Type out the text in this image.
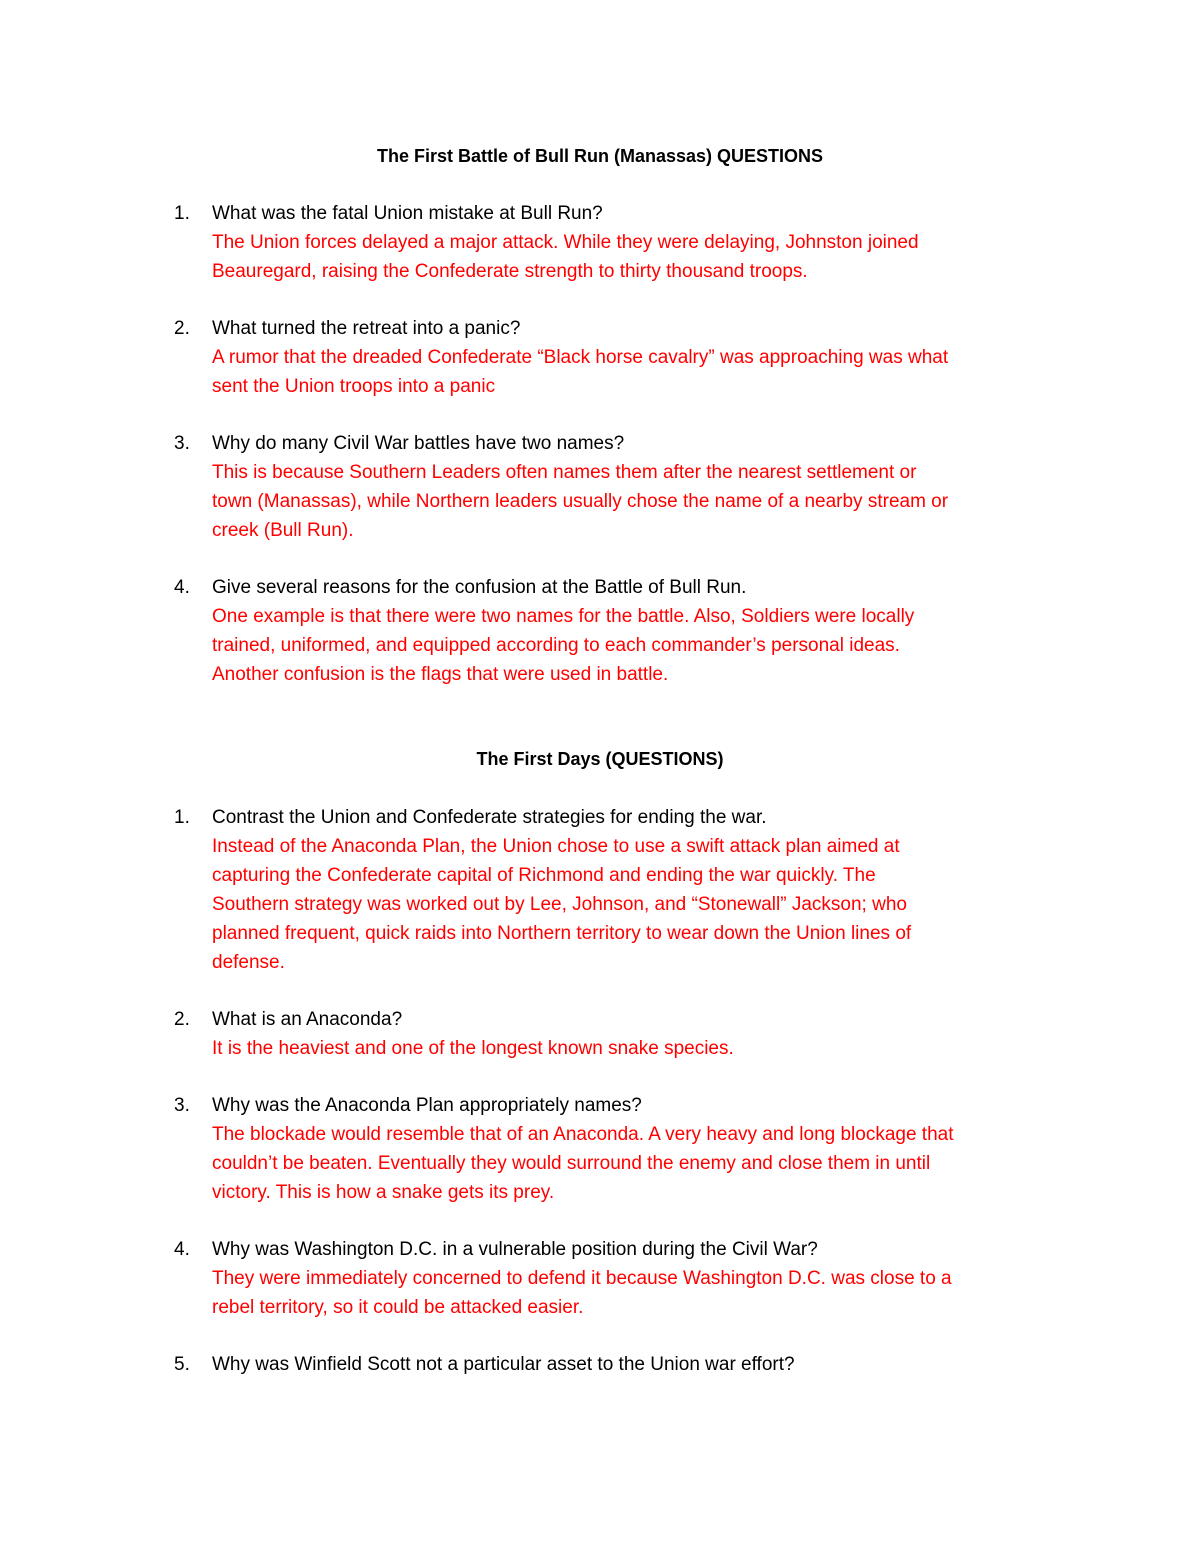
The First Battle of Bull Run (Manassas) QUESTIONS
1.	What was the fatal Union mistake at Bull Run?
The Union forces delayed a major attack. While they were delaying, Johnston joined
Beauregard, raising the Confederate strength to thirty thousand troops.
2.	What turned the retreat into a panic?
A rumor that the dreaded Confederate “Black horse cavalry” was approaching was what
sent the Union troops into a panic
3.	Why do many Civil War battles have two names?
This is because Southern Leaders often names them after the nearest settlement or
town (Manassas), while Northern leaders usually chose the name of a nearby stream or
creek (Bull Run).
4.	Give several reasons for the confusion at the Battle of Bull Run.
One example is that there were two names for the battle. Also, Soldiers were locally
trained, uniformed, and equipped according to each commander’s personal ideas.
Another confusion is the flags that were used in battle.
The First Days (QUESTIONS)
1.	Contrast the Union and Confederate strategies for ending the war.
Instead of the Anaconda Plan, the Union chose to use a swift attack plan aimed at
capturing the Confederate capital of Richmond and ending the war quickly. The
Southern strategy was worked out by Lee, Johnson, and “Stonewall” Jackson; who
planned frequent, quick raids into Northern territory to wear down the Union lines of
defense.
2.	What is an Anaconda?
It is the heaviest and one of the longest known snake species.
3.	Why was the Anaconda Plan appropriately names?
The blockade would resemble that of an Anaconda. A very heavy and long blockage that
couldn’t be beaten. Eventually they would surround the enemy and close them in until
victory. This is how a snake gets its prey.
4.	Why was Washington D.C. in a vulnerable position during the Civil War?
They were immediately concerned to defend it because Washington D.C. was close to a
rebel territory, so it could be attacked easier.
5.	Why was Winfield Scott not a particular asset to the Union war effort?
